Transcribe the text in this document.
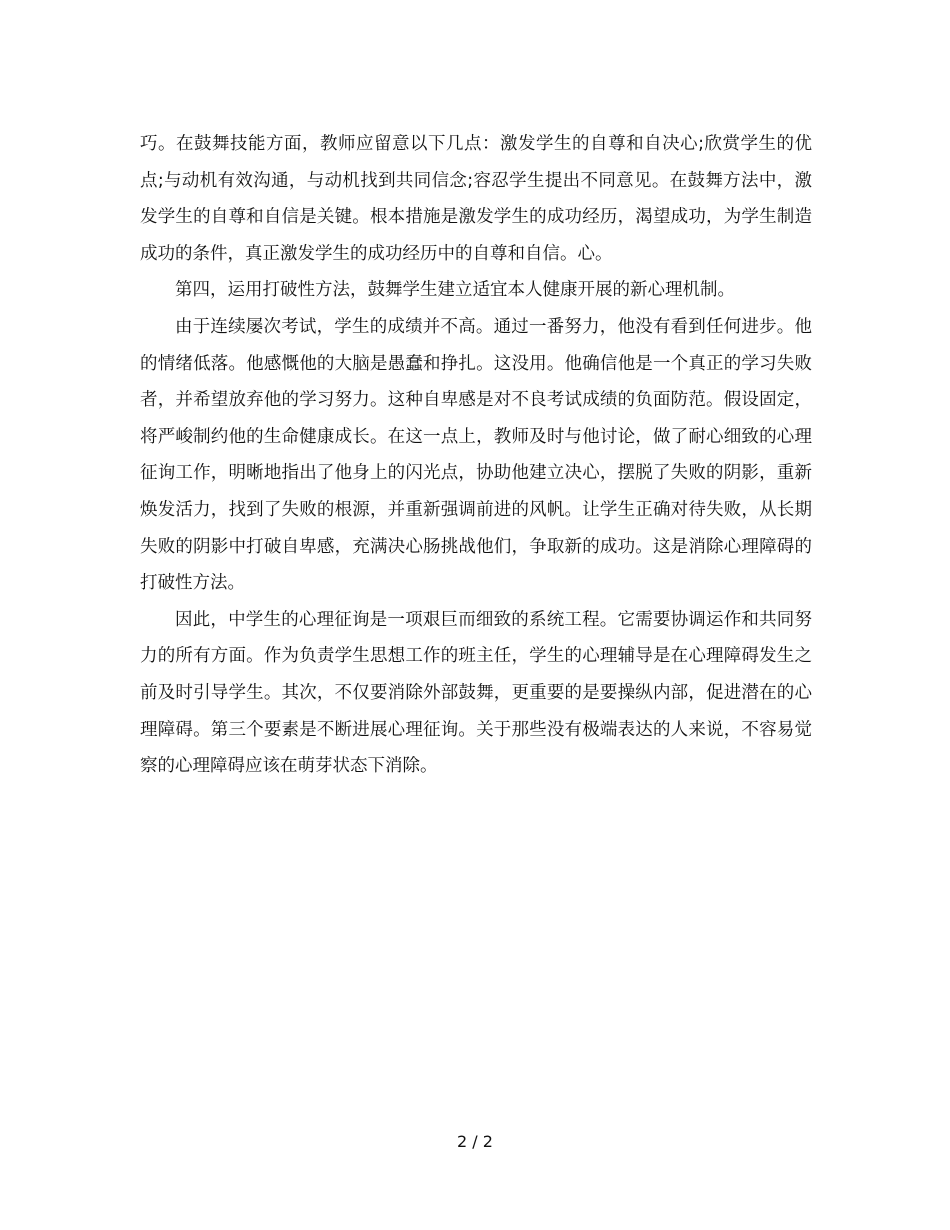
巧。在鼓舞技能方面，教师应留意以下几点：激发学生的自尊和自决心;欣赏学生的优点;与动机有效沟通，与动机找到共同信念;容忍学生提出不同意见。在鼓舞方法中，激发学生的自尊和自信是关键。根本措施是激发学生的成功经历，渴望成功，为学生制造成功的条件，真正激发学生的成功经历中的自尊和自信。心。

第四，运用打破性方法，鼓舞学生建立适宜本人健康开展的新心理机制。

由于连续屡次考试，学生的成绩并不高。通过一番努力，他没有看到任何进步。他的情绪低落。他感慨他的大脑是愚蠢和挣扎。这没用。他确信他是一个真正的学习失败者，并希望放弃他的学习努力。这种自卑感是对不良考试成绩的负面防范。假设固定，将严峻制约他的生命健康成长。在这一点上，教师及时与他讨论，做了耐心细致的心理征询工作，明晰地指出了他身上的闪光点，协助他建立决心，摆脱了失败的阴影，重新焕发活力，找到了失败的根源，并重新强调前进的风帆。让学生正确对待失败，从长期失败的阴影中打破自卑感，充满决心肠挑战他们，争取新的成功。这是消除心理障碍的打破性方法。

因此，中学生的心理征询是一项艰巨而细致的系统工程。它需要协调运作和共同努力的所有方面。作为负责学生思想工作的班主任，学生的心理辅导是在心理障碍发生之前及时引导学生。其次，不仅要消除外部鼓舞，更重要的是要操纵内部，促进潜在的心理障碍。第三个要素是不断进展心理征询。关于那些没有极端表达的人来说，不容易觉察的心理障碍应该在萌芽状态下消除。

2 / 2
